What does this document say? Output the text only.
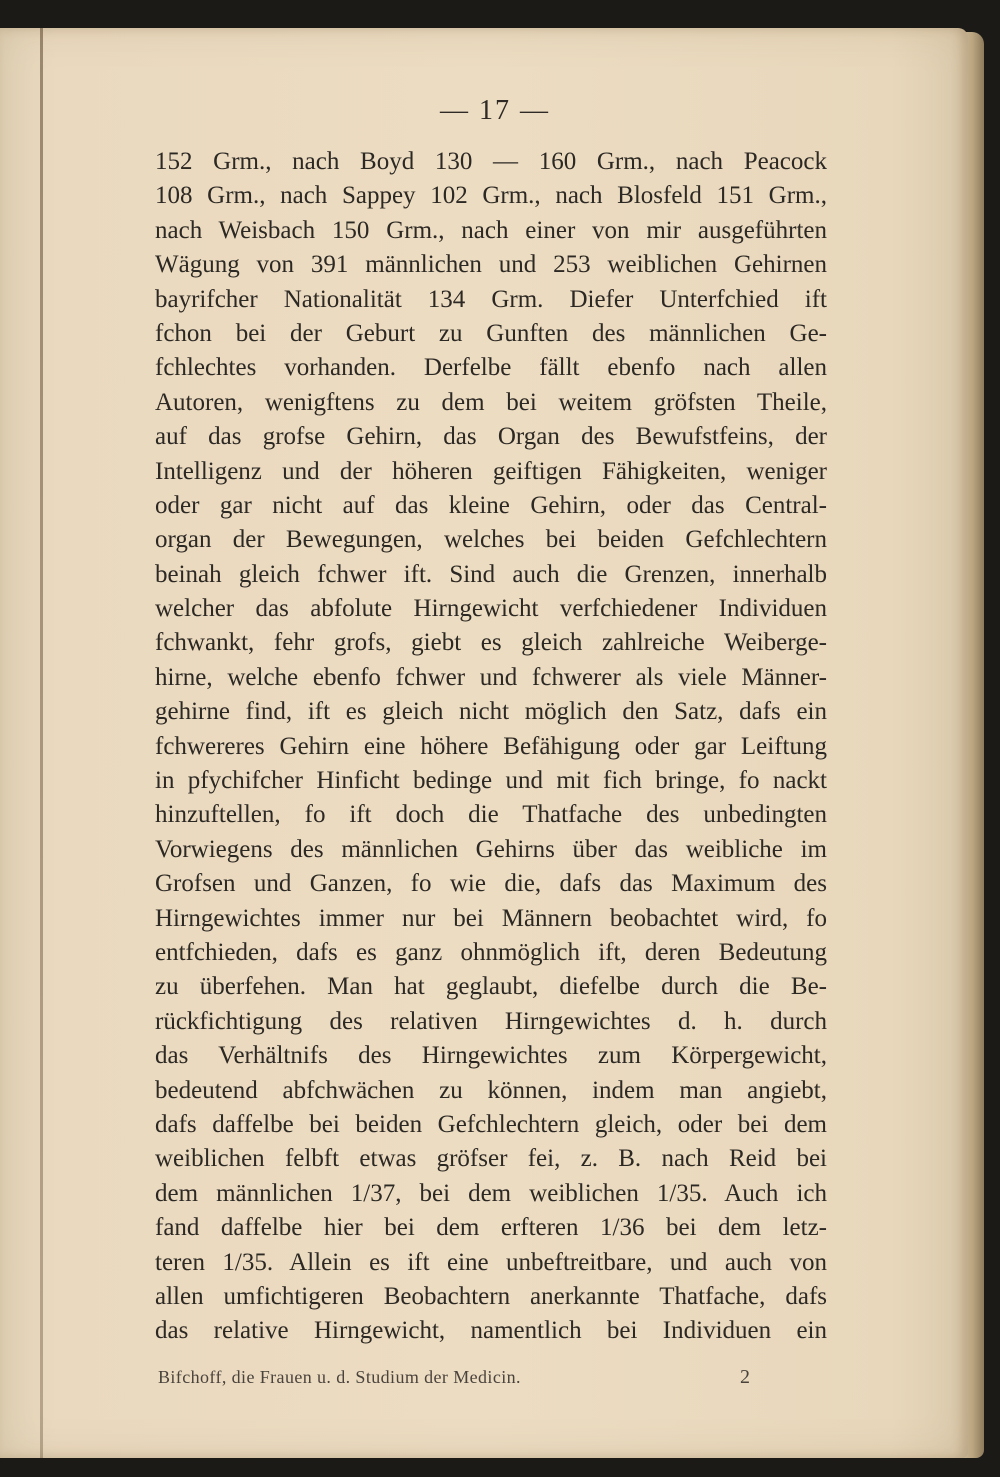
— 17 —
152 Grm., nach Boyd 130 — 160 Grm., nach Peacock
108 Grm., nach Sappey 102 Grm., nach Blosfeld 151 Grm.,
nach Weisbach 150 Grm., nach einer von mir ausgeführten
Wägung von 391 männlichen und 253 weiblichen Gehirnen
bayrifcher Nationalität 134 Grm. Diefer Unterfchied ift
fchon bei der Geburt zu Gunften des männlichen Ge-
fchlechtes vorhanden. Derfelbe fällt ebenfo nach allen
Autoren, wenigftens zu dem bei weitem gröfsten Theile,
auf das grofse Gehirn, das Organ des Bewufstfeins, der
Intelligenz und der höheren geiftigen Fähigkeiten, weniger
oder gar nicht auf das kleine Gehirn, oder das Central-
organ der Bewegungen, welches bei beiden Gefchlechtern
beinah gleich fchwer ift. Sind auch die Grenzen, innerhalb
welcher das abfolute Hirngewicht verfchiedener Individuen
fchwankt, fehr grofs, giebt es gleich zahlreiche Weiberge-
hirne, welche ebenfo fchwer und fchwerer als viele Männer-
gehirne find, ift es gleich nicht möglich den Satz, dafs ein
fchwereres Gehirn eine höhere Befähigung oder gar Leiftung
in pfychifcher Hinficht bedinge und mit fich bringe, fo nackt
hinzuftellen, fo ift doch die Thatfache des unbedingten
Vorwiegens des männlichen Gehirns über das weibliche im
Grofsen und Ganzen, fo wie die, dafs das Maximum des
Hirngewichtes immer nur bei Männern beobachtet wird, fo
entfchieden, dafs es ganz ohnmöglich ift, deren Bedeutung
zu überfehen. Man hat geglaubt, diefelbe durch die Be-
rückfichtigung des relativen Hirngewichtes d. h. durch
das Verhältnifs des Hirngewichtes zum Körpergewicht,
bedeutend abfchwächen zu können, indem man angiebt,
dafs daffelbe bei beiden Gefchlechtern gleich, oder bei dem
weiblichen felbft etwas gröfser fei, z. B. nach Reid bei
dem männlichen 1/37, bei dem weiblichen 1/35. Auch ich
fand daffelbe hier bei dem erfteren 1/36 bei dem letz-
teren 1/35. Allein es ift eine unbeftreitbare, und auch von
allen umfichtigeren Beobachtern anerkannte Thatfache, dafs
das relative Hirngewicht, namentlich bei Individuen ein
Bifchoff, die Frauen u. d. Studium der Medicin.	2
